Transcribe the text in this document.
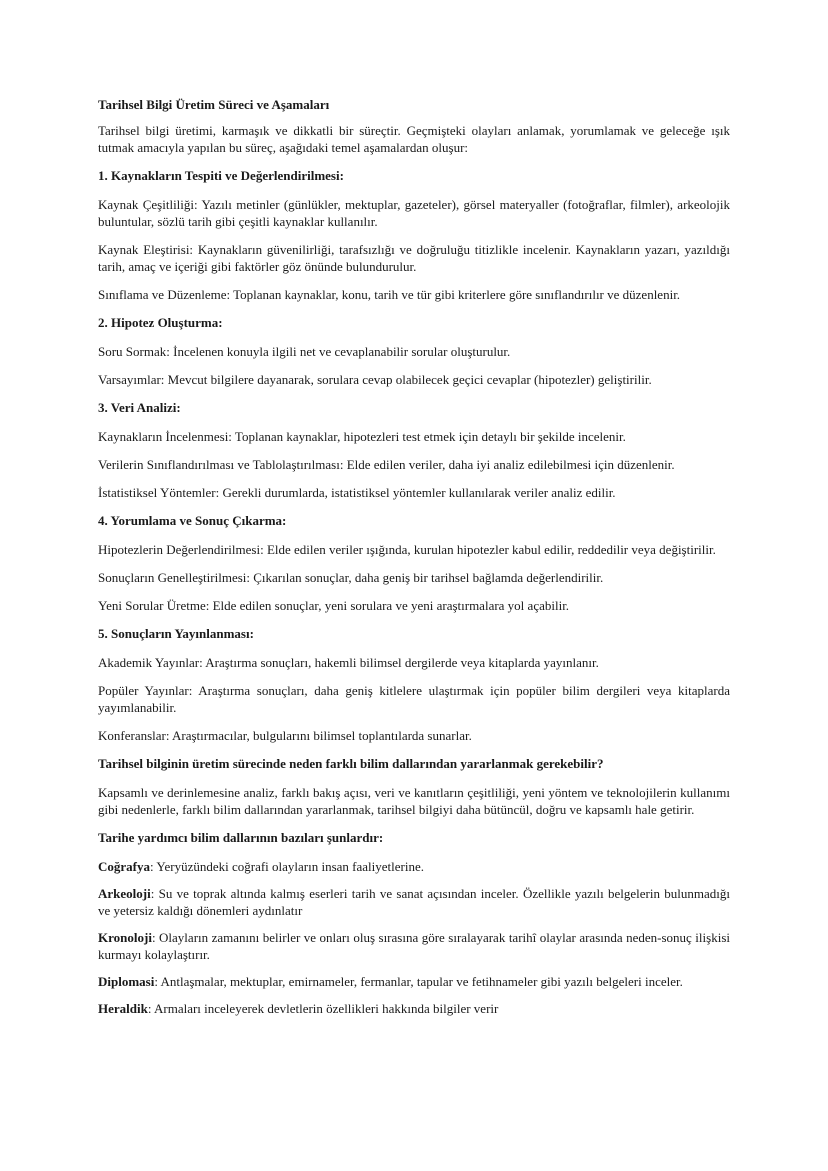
Tarihsel Bilgi Üretim Süreci ve Aşamaları

Tarihsel bilgi üretimi, karmaşık ve dikkatli bir süreçtir. Geçmişteki olayları anlamak, yorumlamak ve geleceğe ışık tutmak amacıyla yapılan bu süreç, aşağıdaki temel aşamalardan oluşur:

1. Kaynakların Tespiti ve Değerlendirilmesi:

Kaynak Çeşitliliği: Yazılı metinler (günlükler, mektuplar, gazeteler), görsel materyaller (fotoğraflar, filmler), arkeolojik buluntular, sözlü tarih gibi çeşitli kaynaklar kullanılır.

Kaynak Eleştirisi: Kaynakların güvenilirliği, tarafsızlığı ve doğruluğu titizlikle incelenir. Kaynakların yazarı, yazıldığı tarih, amaç ve içeriği gibi faktörler göz önünde bulundurulur.

Sınıflama ve Düzenleme: Toplanan kaynaklar, konu, tarih ve tür gibi kriterlere göre sınıflandırılır ve düzenlenir.

2. Hipotez Oluşturma:

Soru Sormak: İncelenen konuyla ilgili net ve cevaplanabilir sorular oluşturulur.

Varsayımlar: Mevcut bilgilere dayanarak, sorulara cevap olabilecek geçici cevaplar (hipotezler) geliştirilir.

3. Veri Analizi:

Kaynakların İncelenmesi: Toplanan kaynaklar, hipotezleri test etmek için detaylı bir şekilde incelenir.

Verilerin Sınıflandırılması ve Tablolaştırılması: Elde edilen veriler, daha iyi analiz edilebilmesi için düzenlenir.

İstatistiksel Yöntemler: Gerekli durumlarda, istatistiksel yöntemler kullanılarak veriler analiz edilir.

4. Yorumlama ve Sonuç Çıkarma:

Hipotezlerin Değerlendirilmesi: Elde edilen veriler ışığında, kurulan hipotezler kabul edilir, reddedilir veya değiştirilir.

Sonuçların Genelleştirilmesi: Çıkarılan sonuçlar, daha geniş bir tarihsel bağlamda değerlendirilir.

Yeni Sorular Üretme: Elde edilen sonuçlar, yeni sorulara ve yeni araştırmalara yol açabilir.

5. Sonuçların Yayınlanması:

Akademik Yayınlar: Araştırma sonuçları, hakemli bilimsel dergilerde veya kitaplarda yayınlanır.

Popüler Yayınlar: Araştırma sonuçları, daha geniş kitlelere ulaştırmak için popüler bilim dergileri veya kitaplarda yayımlanabilir.

Konferanslar: Araştırmacılar, bulgularını bilimsel toplantılarda sunarlar.

Tarihsel bilginin üretim sürecinde neden farklı bilim dallarından yararlanmak gerekebilir?

Kapsamlı ve derinlemesine analiz, farklı bakış açısı, veri ve kanıtların çeşitliliği, yeni yöntem ve teknolojilerin kullanımı gibi nedenlerle, farklı bilim dallarından yararlanmak, tarihsel bilgiyi daha bütüncül, doğru ve kapsamlı hale getirir.

Tarihe yardımcı bilim dallarının bazıları şunlardır:

Coğrafya: Yeryüzündeki coğrafi olayların insan faaliyetlerine.

Arkeoloji: Su ve toprak altında kalmış eserleri tarih ve sanat açısından inceler. Özellikle yazılı belgelerin bulunmadığı ve yetersiz kaldığı dönemleri aydınlatır

Kronoloji: Olayların zamanını belirler ve onları oluş sırasına göre sıralayarak tarihî olaylar arasında neden-sonuç ilişkisi kurmayı kolaylaştırır.

Diplomasi: Antlaşmalar, mektuplar, emirnameler, fermanlar, tapular ve fetihnameler gibi yazılı belgeleri inceler.

Heraldik: Armaları inceleyerek devletlerin özellikleri hakkında bilgiler verir
